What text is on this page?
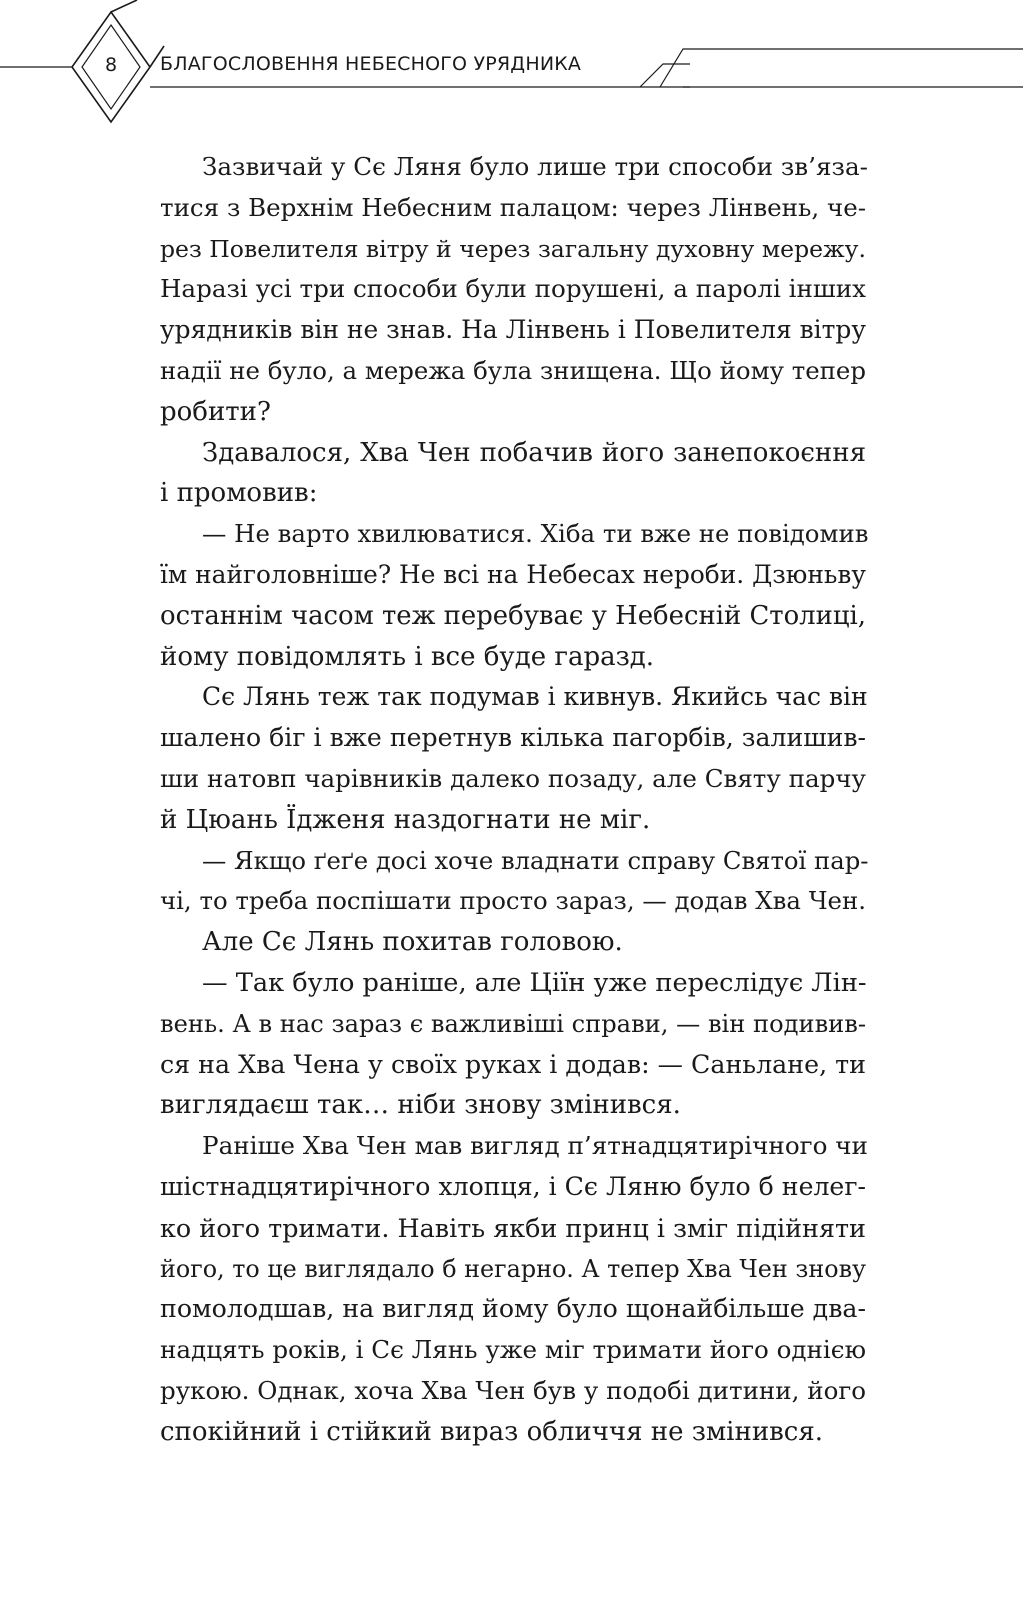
8	БЛАГОСЛОВЕННЯ НЕБЕСНОГО УРЯДНИКА
Зазвичай у Сє Ляня було лише три способи зв’яза-
тися з Верхнім Небесним палацом: через Лінвень, че-
рез Повелителя вітру й через загальну духовну мережу.
Наразі усі три способи були порушені, а паролі інших
урядників він не знав. На Лінвень і Повелителя вітру
надії не було, а мережа була знищена. Що йому тепер
робити?
Здавалося, Хва Чен побачив його занепокоєння
і промовив:
— Не варто хвилюватися. Хіба ти вже не повідомив
їм найголовніше? Не всі на Небесах нероби. Дзюньву
останнім часом теж перебуває у Небесній Столиці,
йому повідомлять і все буде гаразд.
Сє Лянь теж так подумав і кивнув. Якийсь час він
шалено біг і вже перетнув кілька пагорбів, залишив-
ши натовп чарівників далеко позаду, але Святу парчу
й Цюань Їдженя наздогнати не міг.
— Якщо ґеґе досі хоче владнати справу Святої пар-
чі, то треба поспішати просто зараз, — додав Хва Чен.
Але Сє Лянь похитав головою.
— Так було раніше, але Ціїн уже переслідує Лін-
вень. А в нас зараз є важливіші справи, — він подивив-
ся на Хва Чена у своїх руках і додав: — Саньлане, ти
виглядаєш так… ніби знову змінився.
Раніше Хва Чен мав вигляд п’ятнадцятирічного чи
шістнадцятирічного хлопця, і Сє Ляню було б нелег-
ко його тримати. Навіть якби принц і зміг підійняти
його, то це виглядало б негарно. А тепер Хва Чен знову
помолодшав, на вигляд йому було щонайбільше два-
надцять років, і Сє Лянь уже міг тримати його однією
рукою. Однак, хоча Хва Чен був у подобі дитини, його
спокійний і стійкий вираз обличчя не змінився.
